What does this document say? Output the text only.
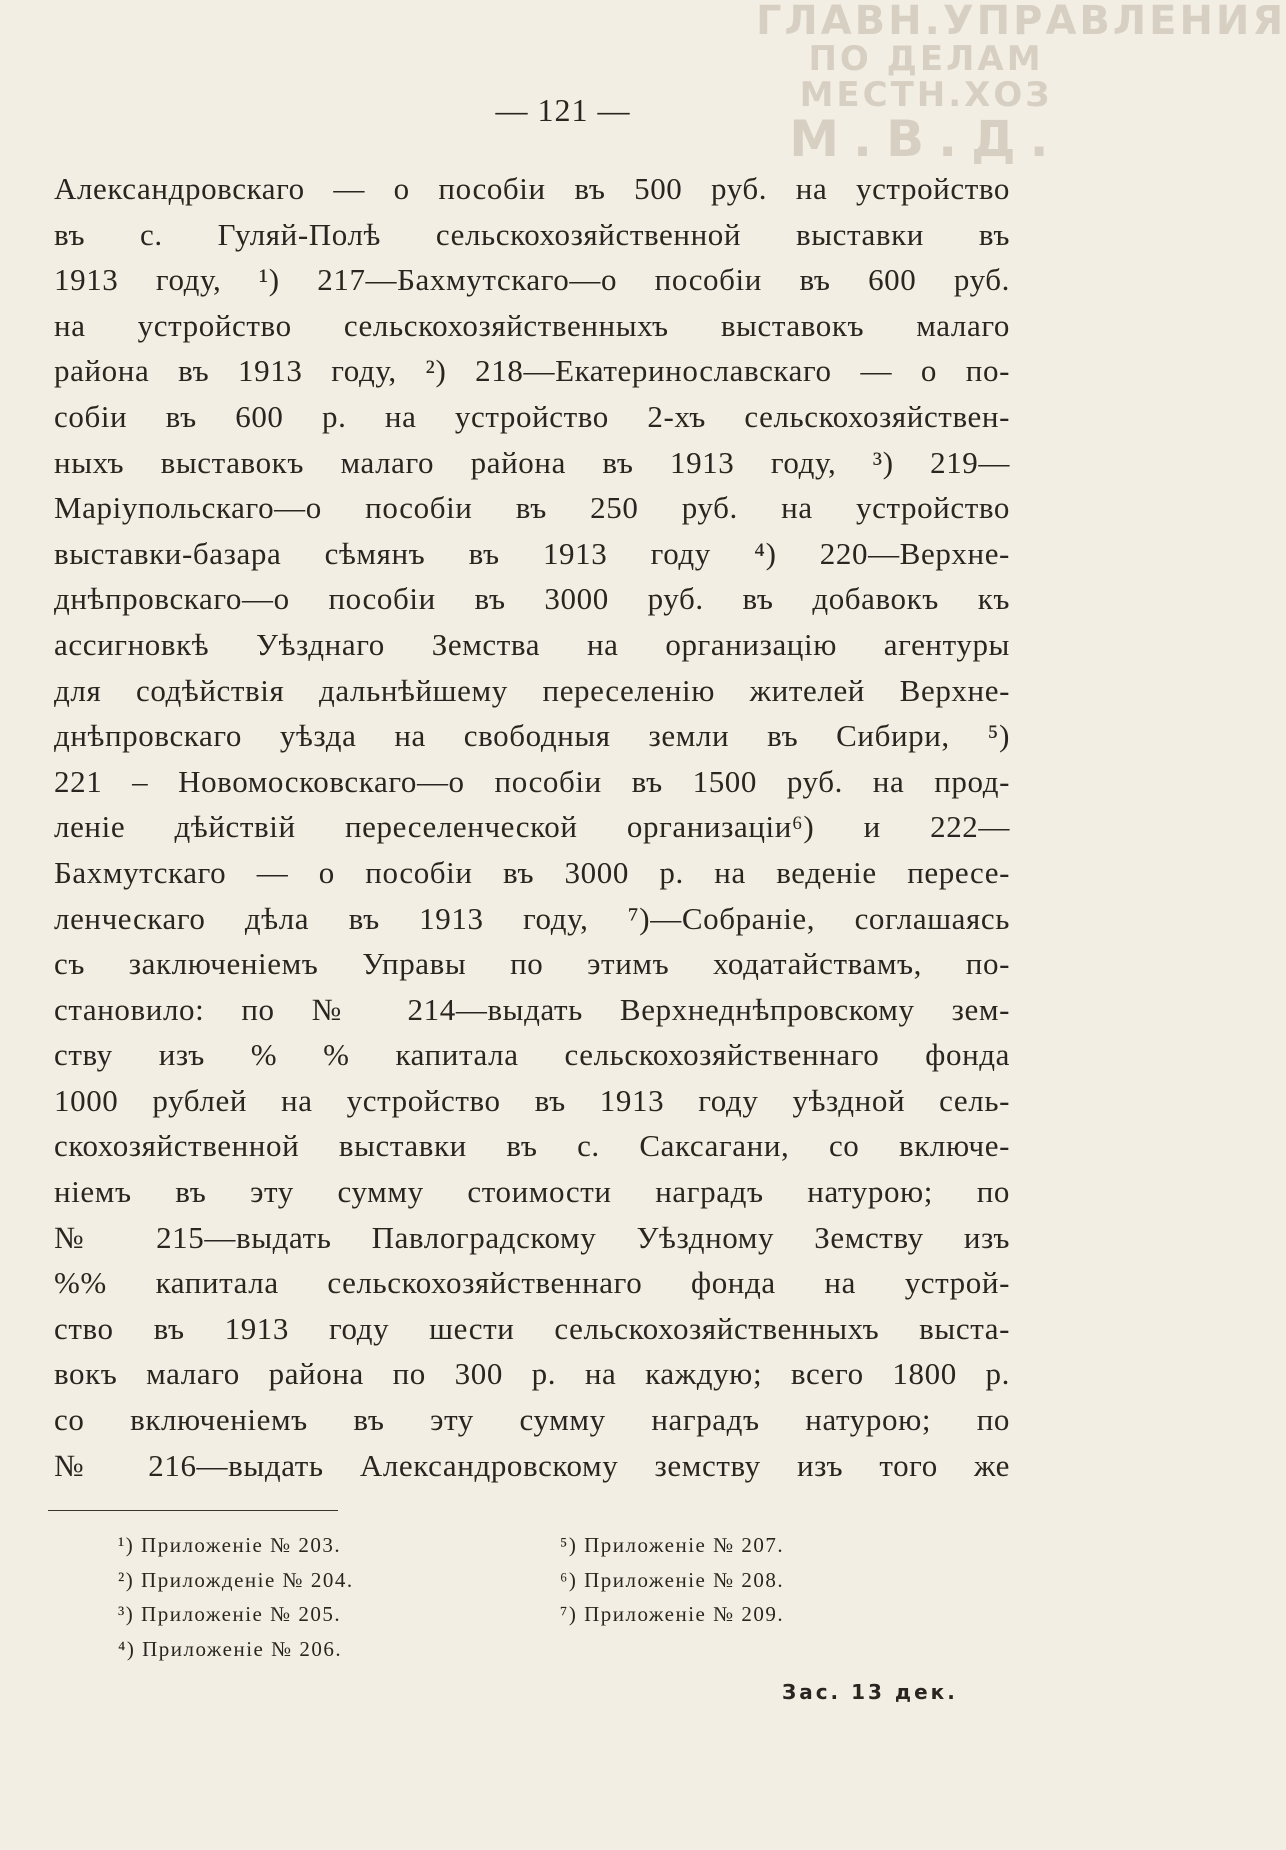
ГЛАВН.УПРАВЛЕНИЯ
ПО ДЕЛАМ МЕСТН.ХОЗ
М.В.Д.
— 121 —
Александровскаго — о пособіи въ 500 руб. на устройство
въ с. Гуляй-Полѣ сельскохозяйственной выставки въ
1913 году, ¹) 217—Бахмутскаго—о пособіи въ 600 руб.
на устройство сельскохозяйственныхъ выставокъ малаго
района въ 1913 году, ²) 218—Екатеринославскаго — о по-
собіи въ 600 р. на устройство 2-хъ сельскохозяйствен-
ныхъ выставокъ малаго района въ 1913 году, ³) 219—
Маріупольскаго—о пособіи въ 250 руб. на устройство
выставки-базара сѣмянъ въ 1913 году ⁴) 220—Верхне-
днѣпровскаго—о пособіи въ 3000 руб. въ добавокъ къ
ассигновкѣ Уѣзднаго Земства на организацію агентуры
для содѣйствія дальнѣйшему переселенію жителей Верхне-
днѣпровскаго уѣзда на свободныя земли въ Сибири, ⁵)
221 – Новомосковскаго—о пособіи въ 1500 руб. на прод-
леніе дѣйствій переселенческой организаціи⁶) и 222—
Бахмутскаго — о пособіи въ 3000 р. на веденіе пересе-
ленческаго дѣла въ 1913 году, ⁷)—Собраніе, соглашаясь
съ заключеніемъ Управы по этимъ ходатайствамъ, по-
становило: по № 214—выдать Верхнеднѣпровскому зем-
ству изъ % % капитала сельскохозяйственнаго фонда
1000 рублей на устройство въ 1913 году уѣздной сель-
скохозяйственной выставки въ с. Саксагани, со включе-
ніемъ въ эту сумму стоимости наградъ натурою; по
№ 215—выдать Павлоградскому Уѣздному Земству изъ
%% капитала сельскохозяйственнаго фонда на устрой-
ство въ 1913 году шести сельскохозяйственныхъ выста-
вокъ малаго района по 300 р. на каждую; всего 1800 р.
со включеніемъ въ эту сумму наградъ натурою; по
№ 216—выдать Александровскому земству изъ того же
¹) Приложеніе № 203.
²) Приложденіе № 204.
³) Приложеніе № 205.
⁴) Приложеніе № 206.
⁵) Приложеніе № 207.
⁶) Приложеніе № 208.
⁷) Приложеніе № 209.
Зас. 13 дек.
